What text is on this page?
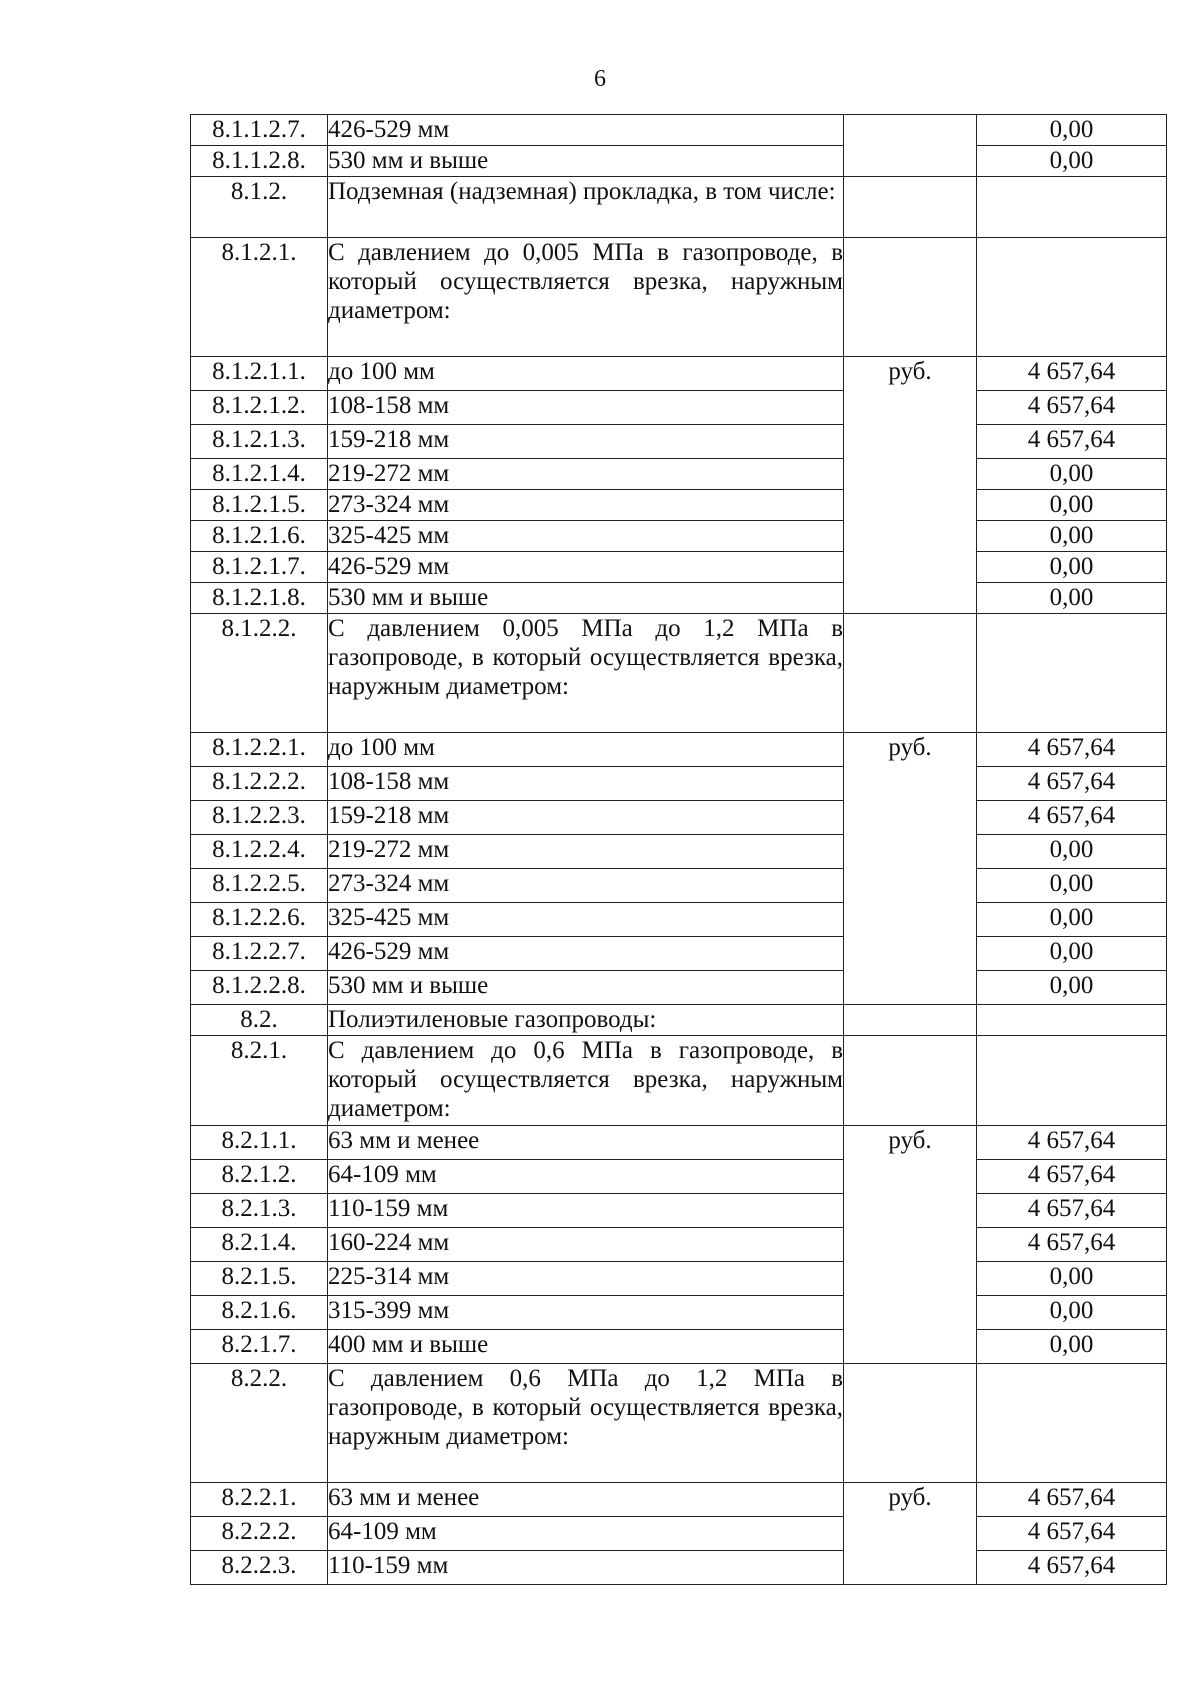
6
8.1.1.2.7.	426-529 мм		0,00
8.1.1.2.8.	530 мм и выше		0,00
8.1.2.	Подземная (надземная) прокладка, в том числе:		
8.1.2.1.	С давлением до 0,005 МПа в газопроводе, в который осуществляется врезка, наружным диаметром:		
8.1.2.1.1.	до 100 мм	руб.	4 657,64
8.1.2.1.2.	108-158 мм		4 657,64
8.1.2.1.3.	159-218 мм		4 657,64
8.1.2.1.4.	219-272 мм		0,00
8.1.2.1.5.	273-324 мм		0,00
8.1.2.1.6.	325-425 мм		0,00
8.1.2.1.7.	426-529 мм		0,00
8.1.2.1.8.	530 мм и выше		0,00
8.1.2.2.	С давлением 0,005 МПа до 1,2 МПа в газопроводе, в который осуществляется врезка, наружным диаметром:		
8.1.2.2.1.	до 100 мм	руб.	4 657,64
8.1.2.2.2.	108-158 мм		4 657,64
8.1.2.2.3.	159-218 мм		4 657,64
8.1.2.2.4.	219-272 мм		0,00
8.1.2.2.5.	273-324 мм		0,00
8.1.2.2.6.	325-425 мм		0,00
8.1.2.2.7.	426-529 мм		0,00
8.1.2.2.8.	530 мм и выше		0,00
8.2.	Полиэтиленовые газопроводы:		
8.2.1.	С давлением до 0,6 МПа в газопроводе, в который осуществляется врезка, наружным диаметром:		
8.2.1.1.	63 мм и менее	руб.	4 657,64
8.2.1.2.	64-109 мм		4 657,64
8.2.1.3.	110-159 мм		4 657,64
8.2.1.4.	160-224 мм		4 657,64
8.2.1.5.	225-314 мм		0,00
8.2.1.6.	315-399 мм		0,00
8.2.1.7.	400 мм и выше		0,00
8.2.2.	С давлением 0,6 МПа до 1,2 МПа в газопроводе, в который осуществляется врезка, наружным диаметром:		
8.2.2.1.	63 мм и менее	руб.	4 657,64
8.2.2.2.	64-109 мм		4 657,64
8.2.2.3.	110-159 мм		4 657,64
